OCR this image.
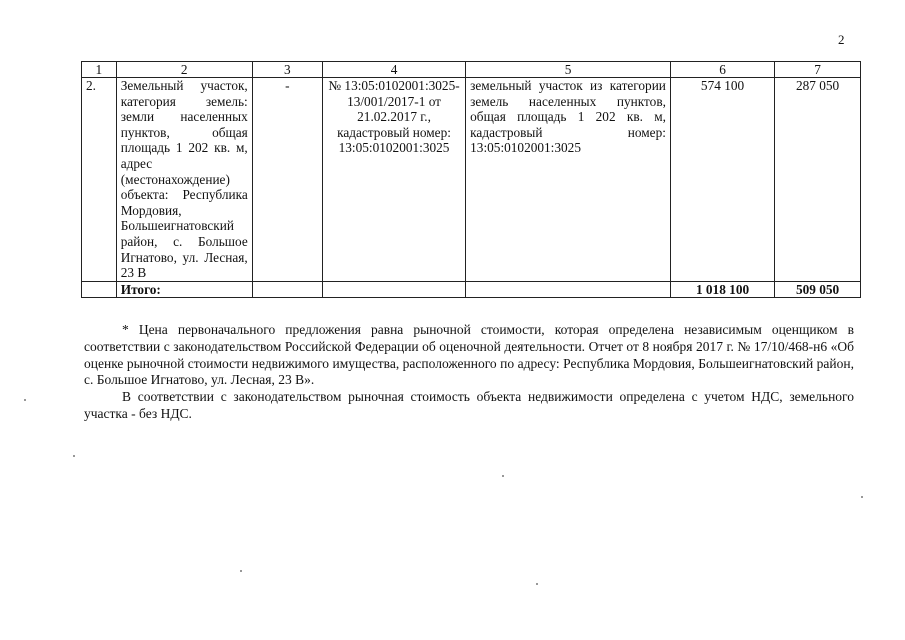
2
1	2	3	4	5	6	7
2.	Земельный участок, категория земель: земли населенных пунктов, общая площадь 1 202 кв. м, адрес (местонахождение) объекта: Республика Мордовия, Большеигнатовский район, с. Большое Игнатово, ул. Лесная, 23 В	-	№ 13:05:0102001:3025-13/001/2017-1 от 21.02.2017 г., кадастровый номер: 13:05:0102001:3025	земельный участок из категории земель населенных пунктов, общая площадь 1 202 кв. м, кадастровый номер: 13:05:0102001:3025	574 100	287 050
	Итого:				1 018 100	509 050

* Цена первоначального предложения равна рыночной стоимости, которая определена независимым оценщиком в соответствии с законодательством Российской Федерации об оценочной деятельности. Отчет от 8 ноября 2017 г. № 17/10/468-н6 «Об оценке рыночной стоимости недвижимого имущества, расположенного по адресу: Республика Мордовия, Большеигнатовский район, с. Большое Игнатово, ул. Лесная, 23 В».

В соответствии с законодательством рыночная стоимость объекта недвижимости определена с учетом НДС, земельного участка - без НДС.
